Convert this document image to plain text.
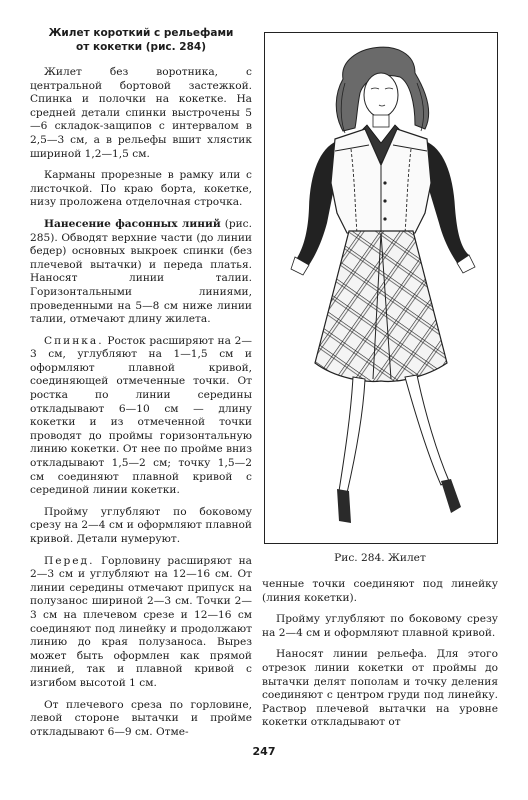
Жилет короткий с рельефами
от кокетки (рис. 284)

Жилет без воротника, с центральной бортовой застежкой. Спинка и полочки на кокетке. На средней детали спинки выстрочены 5—6 складок-защипов с интервалом в 2,5—3 см, а в рельефы вшит хлястик шириной 1,2—1,5 см.

Карманы прорезные в рамку или с листочкой. По краю борта, кокетке, низу проложена отделочная строчка.

Нанесение фасонных линий (рис. 285). Обводят верхние части (до линии бедер) основных выкроек спинки (без плечевой вытачки) и переда платья. Наносят линии талии. Горизонтальными линиями, проведенными на 5—8 см ниже линии талии, отмечают длину жилета.

Спинка. Росток расширяют на 2—3 см, углубляют на 1—1,5 см и оформляют плавной кривой, соединяющей отмеченные точки. От ростка по линии середины откладывают 6—10 см — длину кокетки и из отмеченной точки проводят до проймы горизонтальную линию кокетки. От нее по пройме вниз откладывают 1,5—2 см; точку 1,5—2 см соединяют плавной кривой с серединой линии кокетки.

Пройму углубляют по боковому срезу на 2—4 см и оформляют плавной кривой. Детали нумеруют.

Перед. Горловину расширяют на 2—3 см и углубляют на 12—16 см. От линии середины отмечают припуск на полузанос шириной 2—3 см. Точки 2—3 см на плечевом срезе и 12—16 см соединяют под линейку и продолжают линию до края полузаноса. Вырез может быть оформлен как прямой линией, так и плавной кривой с изгибом высотой 1 см.

От плечевого среза по горловине, левой стороне вытачки и пройме откладывают 6—9 см. Отме-

Рис. 284. Жилет

ченные точки соединяют под линейку (линия кокетки).

Пройму углубляют по боковому срезу на 2—4 см и оформляют плавной кривой.

Наносят линии рельефа. Для этого отрезок линии кокетки от проймы до вытачки делят пополам и точку деления соединяют с центром груди под линейку. Раствор плечевой вытачки на уровне кокетки откладывают от

247
